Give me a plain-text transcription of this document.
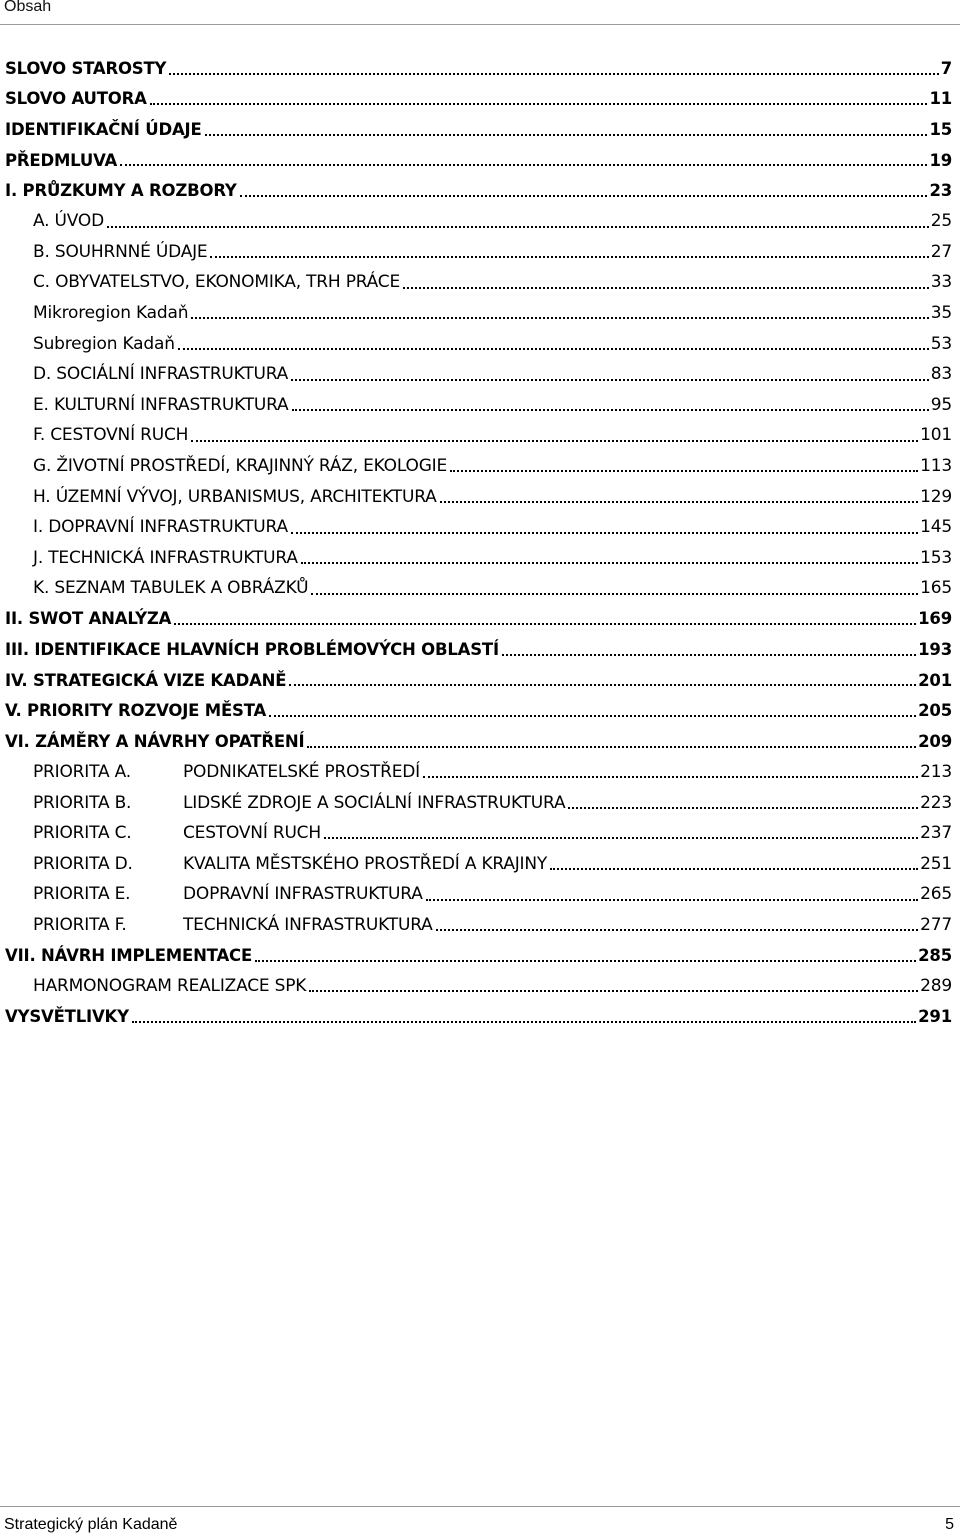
Obsah
SLOVO STAROSTY	7
SLOVO AUTORA	11
IDENTIFIKAČNÍ ÚDAJE	15
PŘEDMLUVA	19
I. PRŮZKUMY A ROZBORY	23
A. ÚVOD	25
B. SOUHRNNÉ ÚDAJE	27
C. OBYVATELSTVO, EKONOMIKA, TRH PRÁCE	33
Mikroregion Kadaň	35
Subregion Kadaň	53
D. SOCIÁLNÍ INFRASTRUKTURA	83
E. KULTURNÍ INFRASTRUKTURA	95
F. CESTOVNÍ RUCH	101
G. ŽIVOTNÍ PROSTŘEDÍ, KRAJINNÝ RÁZ, EKOLOGIE	113
H. ÚZEMNÍ VÝVOJ, URBANISMUS, ARCHITEKTURA	129
I. DOPRAVNÍ INFRASTRUKTURA	145
J. TECHNICKÁ INFRASTRUKTURA	153
K. SEZNAM TABULEK A OBRÁZKŮ	165
II. SWOT ANALÝZA	169
III. IDENTIFIKACE HLAVNÍCH PROBLÉMOVÝCH OBLASTÍ	193
IV. STRATEGICKÁ VIZE KADANĚ	201
V. PRIORITY ROZVOJE MĚSTA	205
VI. ZÁMĚRY A NÁVRHY OPATŘENÍ	209
PRIORITA A.	PODNIKATELSKÉ PROSTŘEDÍ	213
PRIORITA B.	LIDSKÉ ZDROJE A SOCIÁLNÍ INFRASTRUKTURA	223
PRIORITA C.	CESTOVNÍ RUCH	237
PRIORITA D.	KVALITA MĚSTSKÉHO PROSTŘEDÍ A KRAJINY	251
PRIORITA E.	DOPRAVNÍ INFRASTRUKTURA	265
PRIORITA F.	TECHNICKÁ INFRASTRUKTURA	277
VII. NÁVRH IMPLEMENTACE	285
HARMONOGRAM REALIZACE SPK	289
VYSVĚTLIVKY	291
Strategický plán Kadaně	5
